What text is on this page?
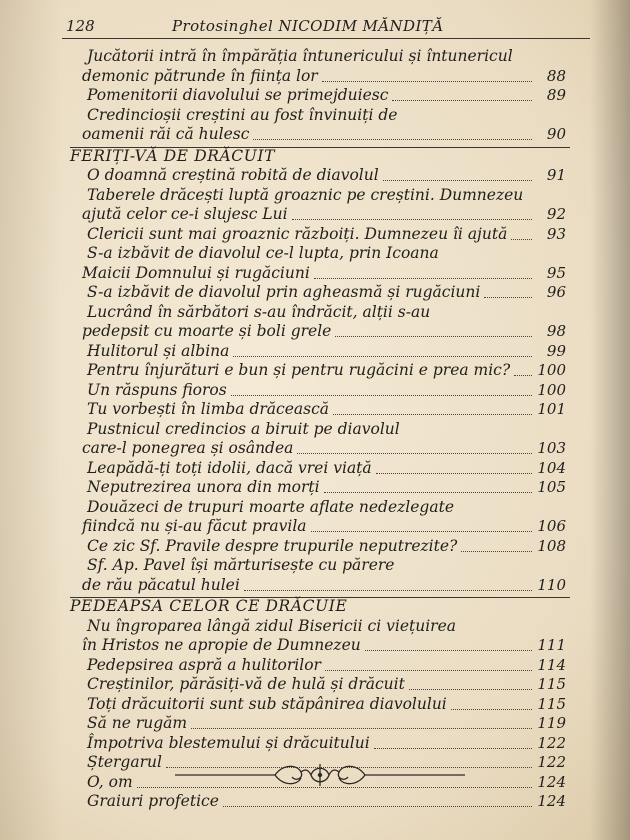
128	Protosinghel NICODIM MĂNDIȚĂ
Jucătorii intră în împărăția întunericului și întunericul
demonic pătrunde în ființa lor	88
Pomenitorii diavolului se primejduiesc	89
Credincioșii creștini au fost învinuiți de
oamenii răi că hulesc	90
FERIȚI-VĂ DE DRĂCUIT
O doamnă creștină robită de diavolul	91
Taberele drăcești luptă groaznic pe creștini. Dumnezeu
ajută celor ce-i slujesc Lui	92
Clericii sunt mai groaznic războiți. Dumnezeu îi ajută	93
S-a izbăvit de diavolul ce-l lupta, prin Icoana
Maicii Domnului și rugăciuni	95
S-a izbăvit de diavolul prin agheasmă și rugăciuni	96
Lucrând în sărbători s-au îndrăcit, alții s-au
pedepsit cu moarte și boli grele	98
Hulitorul și albina	99
Pentru înjurături e bun și pentru rugăcini e prea mic?	100
Un răspuns fioros	100
Tu vorbești în limba drăcească	101
Pustnicul credincios a biruit pe diavolul
care-l ponegrea și osândea	103
Leapădă-ți toți idolii, dacă vrei viață	104
Neputrezirea unora din morți	105
Douăzeci de trupuri moarte aflate nedezlegate
fiindcă nu și-au făcut pravila	106
Ce zic Sf. Pravile despre trupurile neputrezite?	108
Sf. Ap. Pavel își mărturisește cu părere
de rău păcatul hulei	110
PEDEAPSA CELOR CE DRĂCUIE
Nu îngroparea lângă zidul Bisericii ci viețuirea
în Hristos ne apropie de Dumnezeu	111
Pedepsirea aspră a hulitorilor	114
Creștinilor, părăsiți-vă de hulă și drăcuit	115
Toți drăcuitorii sunt sub stăpânirea diavolului	115
Să ne rugăm	119
Împotriva blestemului și drăcuitului	122
Ștergarul	122
O, om	124
Graiuri profetice	124
